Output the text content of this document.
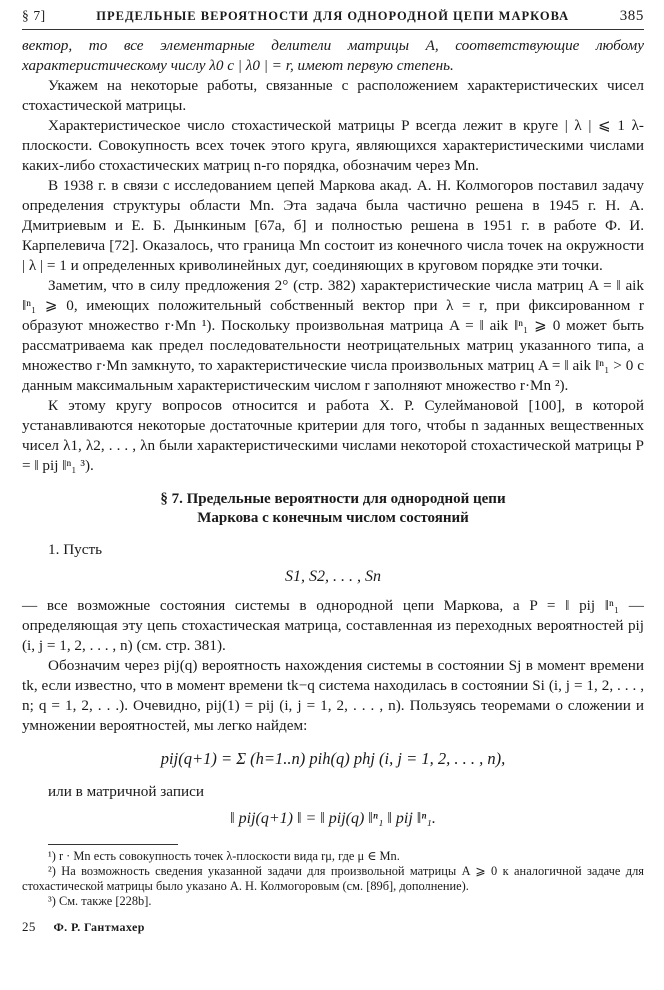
§ 7]	ПРЕДЕЛЬНЫЕ ВЕРОЯТНОСТИ ДЛЯ ОДНОРОДНОЙ ЦЕПИ МАРКОВА	385

вектор, то все элементарные делители матрицы A, соответствующие любому характеристическому числу λ0 с | λ0 | = r, имеют первую степень.

Укажем на некоторые работы, связанные с расположением характеристических чисел стохастической матрицы.

Характеристическое число стохастической матрицы P всегда лежит в круге | λ | ⩽ 1 λ-плоскости. Совокупность всех точек этого круга, являющихся характеристическими числами каких-либо стохастических матриц n-го порядка, обозначим через Mn.

В 1938 г. в связи с исследованием цепей Маркова акад. А. Н. Колмогоров поставил задачу определения структуры области Mn. Эта задача была частично решена в 1945 г. Н. А. Дмитриевым и Е. Б. Дынкиным [67а, б] и полностью решена в 1951 г. в работе Ф. И. Карпелевича [72]. Оказалось, что граница Mn состоит из конечного числа точек на окружности | λ | = 1 и определенных криволинейных дуг, соединяющих в круговом порядке эти точки.

Заметим, что в силу предложения 2° (стр. 382) характеристические числа матриц A = ‖ aik ‖ⁿ₁ ⩾ 0, имеющих положительный собственный вектор при λ = r, при фиксированном r образуют множество r·Mn ¹). Поскольку произвольная матрица A = ‖ aik ‖ⁿ₁ ⩾ 0 может быть рассматриваема как предел последовательности неотрицательных матриц указанного типа, а множество r·Mn замкнуто, то характеристические числа произвольных матриц A = ‖ aik ‖ⁿ₁ > 0 с данным максимальным характеристическим числом r заполняют множество r·Mn ²).

К этому кругу вопросов относится и работа Х. Р. Сулеймановой [100], в которой устанавливаются некоторые достаточные критерии для того, чтобы n заданных вещественных чисел λ1, λ2, . . . , λn были характеристическими числами некоторой стохастической матрицы P = ‖ pij ‖ⁿ₁ ³).

§ 7. Предельные вероятности для однородной цепи
Маркова с конечным числом состояний

1. Пусть

S1, S2, . . . , Sn

— все возможные состояния системы в однородной цепи Маркова, а P = ‖ pij ‖ⁿ₁ — определяющая эту цепь стохастическая матрица, составленная из переходных вероятностей pij (i, j = 1, 2, . . . , n) (см. стр. 381).

Обозначим через pij(q) вероятность нахождения системы в состоянии Sj в момент времени tk, если известно, что в момент времени tk−q система находилась в состоянии Si (i, j = 1, 2, . . . , n; q = 1, 2, . . .). Очевидно, pij(1) = pij (i, j = 1, 2, . . . , n). Пользуясь теоремами о сложении и умножении вероятностей, мы легко найдем:

pij(q+1) = Σ (h=1..n) pih(q) phj (i, j = 1, 2, . . . , n),

или в матричной записи

‖ pij(q+1) ‖ = ‖ pij(q) ‖ⁿ₁ ‖ pij ‖ⁿ₁.
¹) r · Mn есть совокупность точек λ-плоскости вида rμ, где μ ∈ Mn.
²) На возможность сведения указанной задачи для произвольной матрицы A ⩾ 0 к аналогичной задаче для стохастической матрицы было указано А. Н. Колмогоровым (см. [89б], дополнение).
³) См. также [228b].
25 Ф. Р. Гантмахер
